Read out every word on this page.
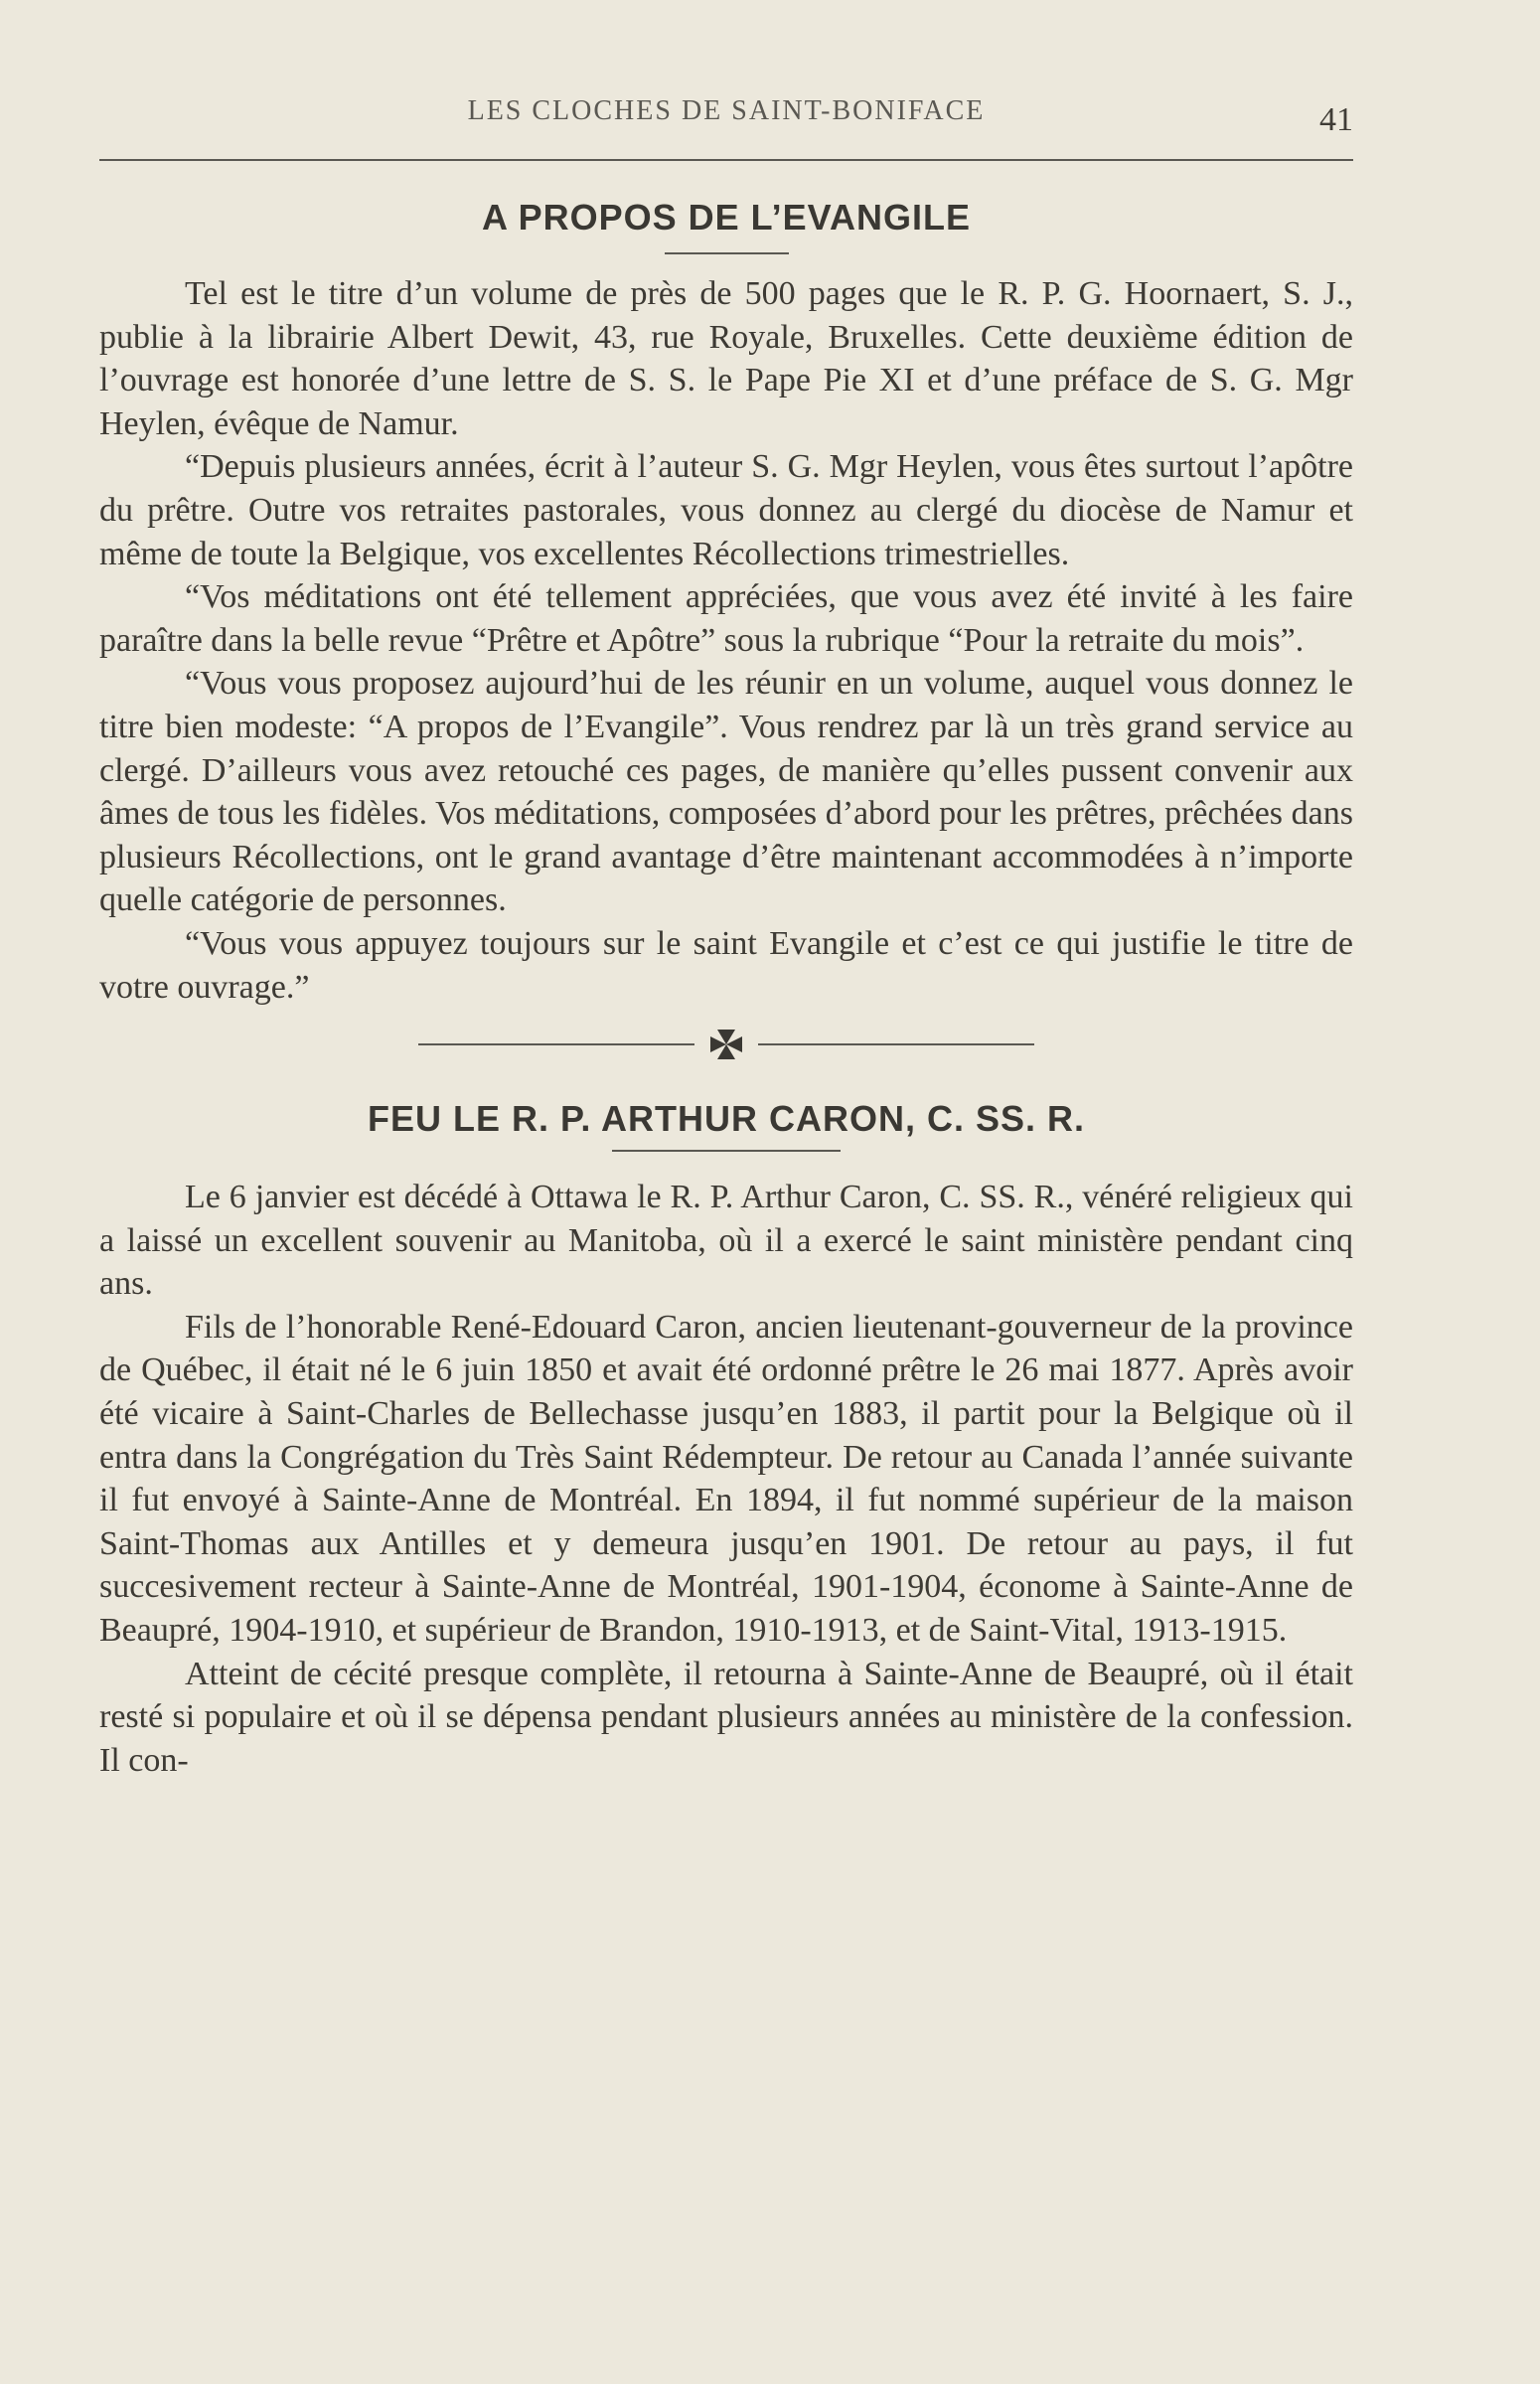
LES CLOCHES DE SAINT-BONIFACE	41
A PROPOS DE L’EVANGILE

Tel est le titre d’un volume de près de 500 pages que le R. P. G. Hoornaert, S. J., publie à la librairie Albert Dewit, 43, rue Royale, Bruxelles. Cette deuxième édition de l’ouvrage est honorée d’une lettre de S. S. le Pape Pie XI et d’une préface de S. G. Mgr Heylen, évêque de Namur.

“Depuis plusieurs années, écrit à l’auteur S. G. Mgr Heylen, vous êtes surtout l’apôtre du prêtre. Outre vos retraites pastorales, vous donnez au clergé du diocèse de Namur et même de toute la Belgique, vos excellentes Récollections trimestrielles.

“Vos méditations ont été tellement appréciées, que vous avez été invité à les faire paraître dans la belle revue “Prêtre et Apôtre” sous la rubrique “Pour la retraite du mois”.

“Vous vous proposez aujourd’hui de les réunir en un volume, auquel vous donnez le titre bien modeste: “A propos de l’Evangile”. Vous rendrez par là un très grand service au clergé. D’ailleurs vous avez retouché ces pages, de manière qu’elles pussent convenir aux âmes de tous les fidèles. Vos méditations, composées d’abord pour les prêtres, prêchées dans plusieurs Récollections, ont le grand avantage d’être maintenant accommodées à n’importe quelle catégorie de personnes.

“Vous vous appuyez toujours sur le saint Evangile et c’est ce qui justifie le titre de votre ouvrage.”

FEU LE R. P. ARTHUR CARON, C. SS. R.

Le 6 janvier est décédé à Ottawa le R. P. Arthur Caron, C. SS. R., vénéré religieux qui a laissé un excellent souvenir au Manitoba, où il a exercé le saint ministère pendant cinq ans.

Fils de l’honorable René-Edouard Caron, ancien lieutenant-gouverneur de la province de Québec, il était né le 6 juin 1850 et avait été ordonné prêtre le 26 mai 1877. Après avoir été vicaire à Saint-Charles de Bellechasse jusqu’en 1883, il partit pour la Belgique où il entra dans la Congrégation du Très Saint Rédempteur. De retour au Canada l’année suivante il fut envoyé à Sainte-Anne de Montréal. En 1894, il fut nommé supérieur de la maison Saint-Thomas aux Antilles et y demeura jusqu’en 1901. De retour au pays, il fut succesivement recteur à Sainte-Anne de Montréal, 1901-1904, économe à Sainte-Anne de Beaupré, 1904-1910, et supérieur de Brandon, 1910-1913, et de Saint-Vital, 1913-1915.

Atteint de cécité presque complète, il retourna à Sainte-Anne de Beaupré, où il était resté si populaire et où il se dépensa pendant plusieurs années au ministère de la confession. Il con-
